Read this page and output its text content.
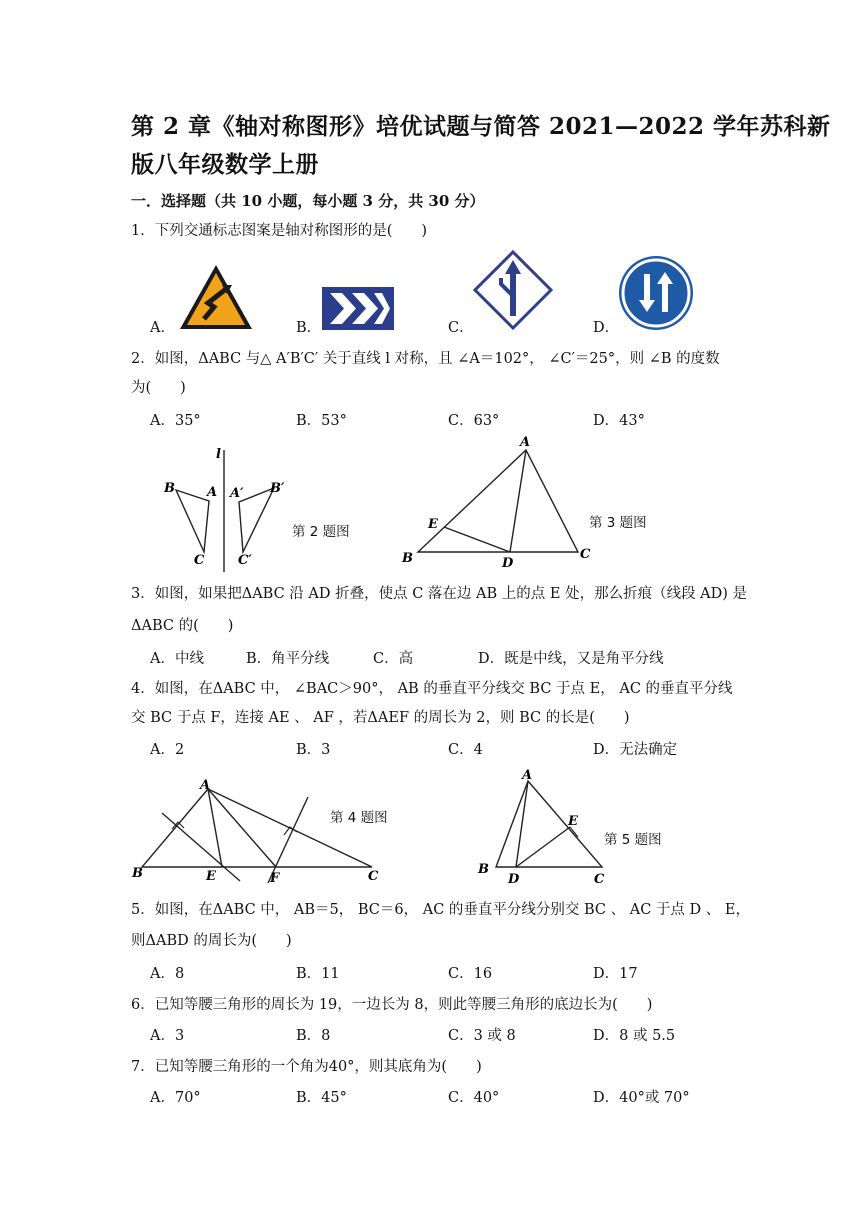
第 2 章《轴对称图形》培优试题与简答 2021—2022 学年苏科新
版八年级数学上册
一．选择题（共 10 小题，每小题 3 分，共 30 分）
1．下列交通标志图案是轴对称图形的是(　　)
A．	B．	C．	D．
2．如图，ΔABC 与△ A′B′C′ 关于直线 l 对称，且 ∠A＝102°， ∠C′＝25°，则 ∠B 的度数
为(　　)
A．35°	B．53°	C．63°	D．43°
l
B A
C
A′ B′
C′
第 2 题图
A
E
B	D
C
第 3 题图
3．如图，如果把ΔABC 沿 AD 折叠，使点 C 落在边 AB 上的点 E 处，那么折痕（线段 AD) 是
ΔABC 的(　　)
A．中线	B．角平分线	C．高	D．既是中线，又是角平分线
4．如图，在ΔABC 中， ∠BAC＞90°， AB 的垂直平分线交 BC 于点 E， AC 的垂直平分线
交 BC 于点 F，连接 AE 、 AF ，若ΔAEF 的周长为 2，则 BC 的长是(　　)
A．2	B．3	C．4	D．无法确定
A
B	E	F	C
第 4 题图
A
E
B
D	C
第 5 题图
5．如图，在ΔABC 中， AB＝5， BC＝6， AC 的垂直平分线分别交 BC 、 AC 于点 D 、 E，
则ΔABD 的周长为(　　)
A．8	B．11	C．16	D．17
6．已知等腰三角形的周长为 19，一边长为 8，则此等腰三角形的底边长为(　　)
A．3	B．8	C．3 或 8	D．8 或 5.5
7．已知等腰三角形的一个角为40°，则其底角为(　　)
A．70°	B．45°	C．40°	D．40°或 70°
